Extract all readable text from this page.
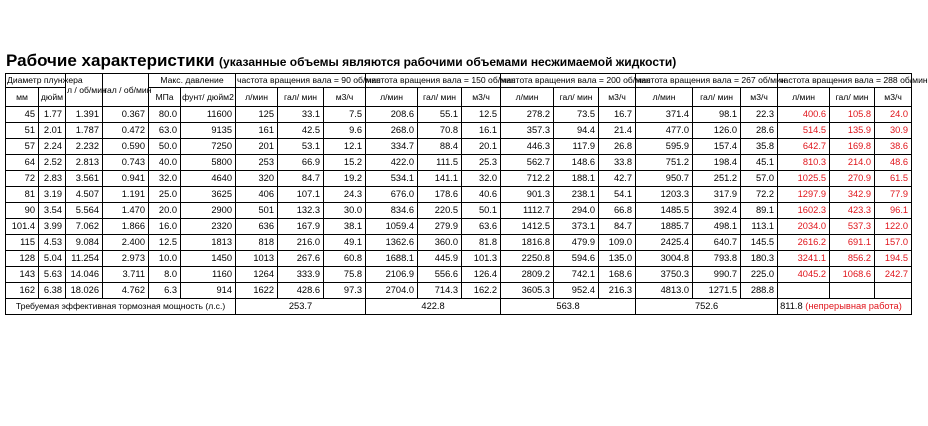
Рабочие характеристики (указанные объемы являются рабочими объемами несжимаемой жидкости)
Диаметр плунжера		л / об/мин	гал / об/мин	Макс. давление		частота вращения вала = 90 об/мин			частота вращения вала = 150 об/мин			частота вращения вала = 200 об/мин			частота вращения вала = 267 об/мин			частота вращения вала = 288 об/мин		
мм	дюйм			МПа	фунт/ дюйм2	л/мин	гал/ мин	м3/ч	л/мин	гал/ мин	м3/ч	л/мин	гал/ мин	м3/ч	л/мин	гал/ мин	м3/ч	л/мин	гал/ мин	м3/ч
45	1.77	1.391	0.367	80.0	11600	125	33.1	7.5	208.6	55.1	12.5	278.2	73.5	16.7	371.4	98.1	22.3	400.6	105.8	24.0
51	2.01	1.787	0.472	63.0	9135	161	42.5	9.6	268.0	70.8	16.1	357.3	94.4	21.4	477.0	126.0	28.6	514.5	135.9	30.9
57	2.24	2.232	0.590	50.0	7250	201	53.1	12.1	334.7	88.4	20.1	446.3	117.9	26.8	595.9	157.4	35.8	642.7	169.8	38.6
64	2.52	2.813	0.743	40.0	5800	253	66.9	15.2	422.0	111.5	25.3	562.7	148.6	33.8	751.2	198.4	45.1	810.3	214.0	48.6
72	2.83	3.561	0.941	32.0	4640	320	84.7	19.2	534.1	141.1	32.0	712.2	188.1	42.7	950.7	251.2	57.0	1025.5	270.9	61.5
81	3.19	4.507	1.191	25.0	3625	406	107.1	24.3	676.0	178.6	40.6	901.3	238.1	54.1	1203.3	317.9	72.2	1297.9	342.9	77.9
90	3.54	5.564	1.470	20.0	2900	501	132.3	30.0	834.6	220.5	50.1	1112.7	294.0	66.8	1485.5	392.4	89.1	1602.3	423.3	96.1
101.4	3.99	7.062	1.866	16.0	2320	636	167.9	38.1	1059.4	279.9	63.6	1412.5	373.1	84.7	1885.7	498.1	113.1	2034.0	537.3	122.0
115	4.53	9.084	2.400	12.5	1813	818	216.0	49.1	1362.6	360.0	81.8	1816.8	479.9	109.0	2425.4	640.7	145.5	2616.2	691.1	157.0
128	5.04	11.254	2.973	10.0	1450	1013	267.6	60.8	1688.1	445.9	101.3	2250.8	594.6	135.0	3004.8	793.8	180.3	3241.1	856.2	194.5
143	5.63	14.046	3.711	8.0	1160	1264	333.9	75.8	2106.9	556.6	126.4	2809.2	742.1	168.6	3750.3	990.7	225.0	4045.2	1068.6	242.7
162	6.38	18.026	4.762	6.3	914	1622	428.6	97.3	2704.0	714.3	162.2	3605.3	952.4	216.3	4813.0	1271.5	288.8			
Требуемая эффективная тормозная мощность (л.с.)						253.7			422.8			563.8			752.6			811.8 (непрерывная работа)		
